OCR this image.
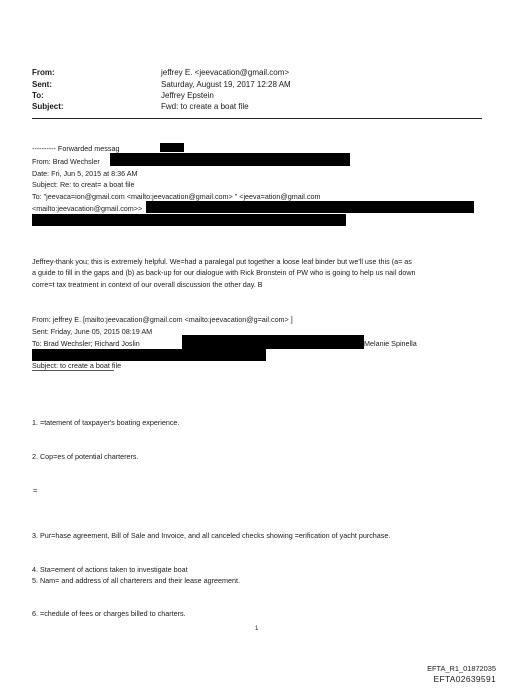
From:	jeffrey E. <jeevacation@gmail.com>
Sent:	Saturday, August 19, 2017 12:28 AM
To:	Jeffrey Epstein
Subject:	Fwd: to create a boat file
---------- Forwarded messag
From: Brad Wechsler
Date: Fri, Jun 5, 2015 at 8:36 AM
Subject: Re: to creat= a boat file
To: "jeevaca=ion@gmail.com <mailto:jeevacation@gmail.com> " <jeeva=ation@gmail.com
<mailto:jeevacation@gmail.com>>
Jeffrey-thank you; this is extremely helpful. We=had a paralegal put together a loose leaf binder but we'll use this (a= as
a guide to fill in the gaps and (b) as back-up for our dialogue with Rick Bronstein of PW who is going to help us nail down
corre=t tax treatment in context of our overall discussion the other day. B
From: jeffrey E. [mailto:jeevacation@gmail.com <mailto:jeevacation@g=ail.com> ]
Sent: Friday, June 05, 2015 08:19 AM
To: Brad Wechsler; Richard Joslin	Melanie Spinella
Subject: to create a boat file
1. =tatement of taxpayer's boating experience.
2. Cop=es of potential charterers.
=
3. Pur=hase agreement, Bill of Sale and Invoice, and all canceled checks showing =erification of yacht purchase.
4. Sta=ement of actions taken to investigate boat
5. Nam= and address of all charterers and their lease agreement.
6. =chedule of fees or charges billed to charters.
1
EFTA_R1_01872035
EFTA02639591
